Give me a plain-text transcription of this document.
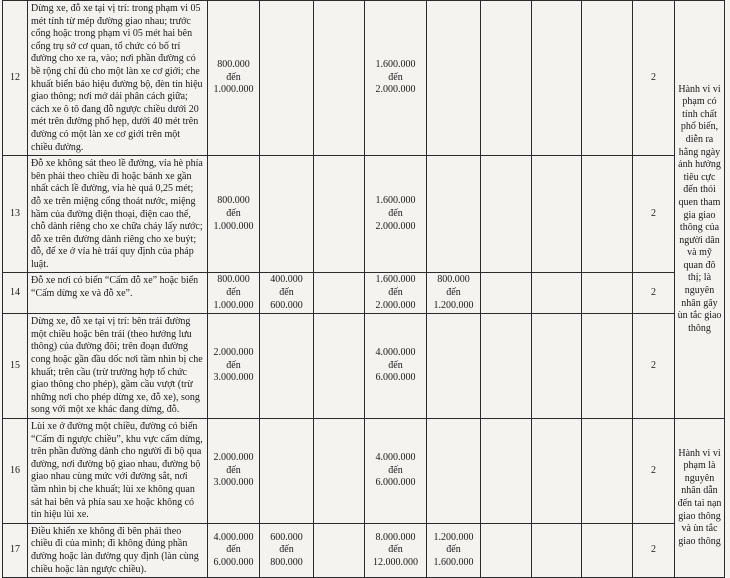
12	Dừng xe, đỗ xe tại vị trí: trong phạm vi 05 mét tính từ mép đường giao nhau; trước cổng hoặc trong phạm vi 05 mét hai bên cổng trụ sở cơ quan, tổ chức có bố trí đường cho xe ra, vào; nơi phần đường có bề rộng chỉ đủ cho một làn xe cơ giới; che khuất biển báo hiệu đường bộ, đèn tín hiệu giao thông; nơi mở dải phân cách giữa; cách xe ô tô đang đỗ ngược chiều dưới 20 mét trên đường phố hẹp, dưới 40 mét trên đường có một làn xe cơ giới trên một chiều đường.	800.000 đến 1.000.000			1.600.000 đến 2.000.000					2	Hành vi vi phạm có tính chất phổ biến, diễn ra hằng ngày ảnh hưởng tiêu cực đến thói quen tham gia giao thông của người dân và mỹ quan đô thị; là nguyên nhân gây ùn tắc giao thông
13	Đỗ xe không sát theo lề đường, vỉa hè phía bên phải theo chiều đi hoặc bánh xe gần nhất cách lề đường, vỉa hè quá 0,25 mét; đỗ xe trên miệng cống thoát nước, miệng hầm của đường điện thoại, điện cao thế, chỗ dành riêng cho xe chữa cháy lấy nước; đỗ xe trên đường dành riêng cho xe buýt; đỗ, để xe ở vỉa hè trái quy định của pháp luật.	800.000 đến 1.000.000			1.600.000 đến 2.000.000					2	
14	Đỗ xe nơi có biển “Cấm đỗ xe” hoặc biển “Cấm dừng xe và đỗ xe”.	800.000 đến 1.000.000	400.000 đến 600.000		1.600.000 đến 2.000.000	800.000 đến 1.200.000				2	
15	Dừng xe, đỗ xe tại vị trí: bên trái đường một chiều hoặc bên trái (theo hướng lưu thông) của đường đôi; trên đoạn đường cong hoặc gần đầu dốc nơi tầm nhìn bị che khuất; trên cầu (trừ trường hợp tổ chức giao thông cho phép), gầm cầu vượt (trừ những nơi cho phép dừng xe, đỗ xe), song song với một xe khác đang dừng, đỗ.	2.000.000 đến 3.000.000			4.000.000 đến 6.000.000					2	
16	Lùi xe ở đường một chiều, đường có biển “Cấm đi ngược chiều”, khu vực cấm dừng, trên phần đường dành cho người đi bộ qua đường, nơi đường bộ giao nhau, đường bộ giao nhau cùng mức với đường sắt, nơi tầm nhìn bị che khuất; lùi xe không quan sát hai bên và phía sau xe hoặc không có tín hiệu lùi xe.	2.000.000 đến 3.000.000			4.000.000 đến 6.000.000					2	Hành vi vi phạm là nguyên nhân dẫn đến tai nạn giao thông và ùn tắc giao thông
17	Điều khiển xe không đi bên phải theo chiều đi của mình; đi không đúng phần đường hoặc làn đường quy định (làn cùng chiều hoặc làn ngược chiều).	4.000.000 đến 6.000.000	600.000 đến 800.000		8.000.000 đến 12.000.000	1.200.000 đến 1.600.000				2	
